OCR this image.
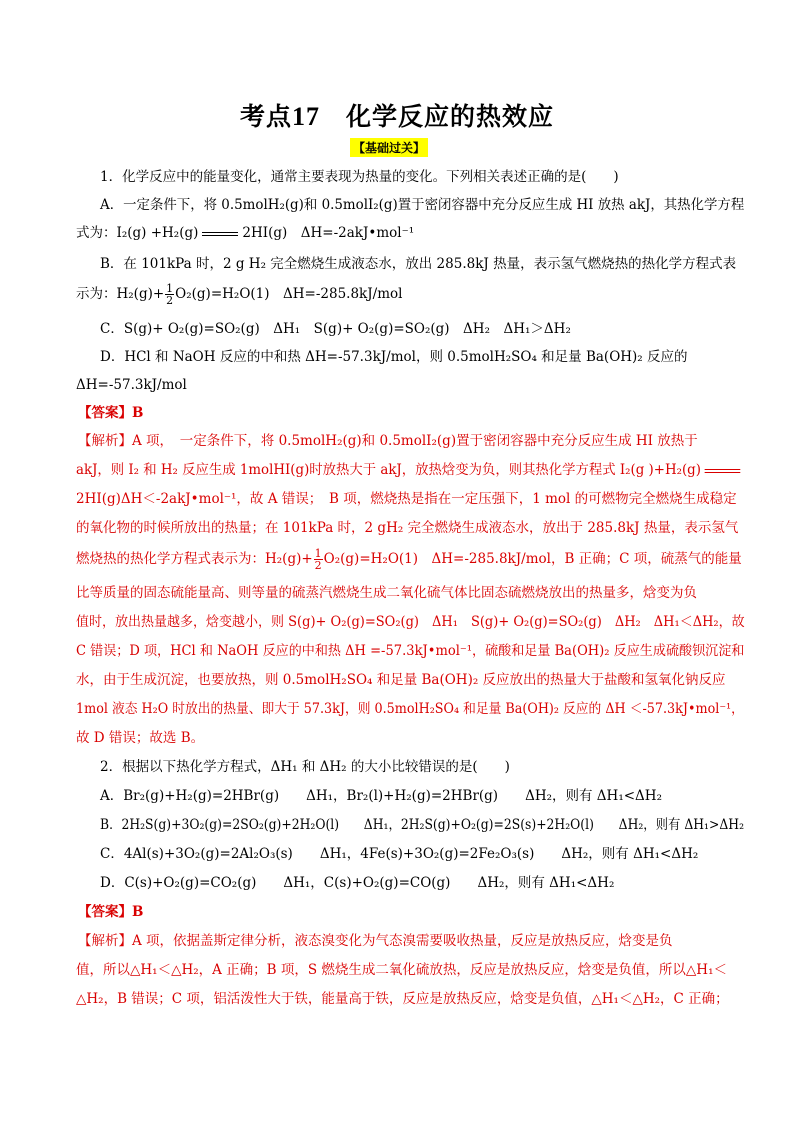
考点17　 化学反应的热效应
【基础过关】
1．化学反应中的能量变化，通常主要表现为热量的变化。下列相关表述正确的是(　　)
A．一定条件下，将 0.5molH₂(g)和 0.5molI₂(g)置于密闭容器中充分反应生成 HI 放热 akJ，其热化学方程
式为：I₂(g) +H₂(g)	2HI(g)　ΔH=-2akJ•mol⁻¹
B．在 101kPa 时，2 g H₂ 完全燃烧生成液态水，放出 285.8kJ 热量，表示氢气燃烧热的热化学方程式表
示为：$H_2(g)+ \frac{1}{2} O_2(g)=H_2O(1)$　ΔH=-285.8kJ/mol
C．S(g)+ O₂(g)=SO₂(g)　ΔH₁　S(g)+ O₂(g)=SO₂(g)　ΔH₂　ΔH₁＞ΔH₂
D．HCl 和 NaOH 反应的中和热 ΔH=-57.3kJ/mol，则 0.5molH₂SO₄ 和足量 Ba(OH)₂ 反应的
ΔH=-57.3kJ/mol
【答案】B
【解析】A 项，　一定条件下，将 0.5molH₂(g)和 0.5molI₂(g)置于密闭容器中充分反应生成 HI 放热于
akJ，则 I₂ 和 H₂ 反应生成 1molHI(g)时放热大于 akJ，放热焓变为负，则其热化学方程式 I₂(g )+H₂(g)
2HI(g)ΔH＜-2akJ•mol⁻¹，故 A 错误；　B 项，燃烧热是指在一定压强下，1 mol 的可燃物完全燃烧生成稳定
的氧化物的时候所放出的热量；在 101kPa 时，2 gH₂ 完全燃烧生成液态水，放出于 285.8kJ 热量，表示氢气
燃烧热的热化学方程式表示为：$H_2(g)+ \frac{1}{2} O_2(g)=H_2O(1)$　ΔH=-285.8kJ/mol，B 正确；C 项，硫蒸气的能量
比等质量的固态硫能量高、则等量的硫蒸汽燃烧生成二氧化硫气体比固态硫燃烧放出的热量多，焓变为负
值时，放出热量越多，焓变越小，则 S(g)+ O₂(g)=SO₂(g)　ΔH₁　S(g)+ O₂(g)=SO₂(g)　ΔH₂　ΔH₁＜ΔH₂，故
C 错误；D 项，HCl 和 NaOH 反应的中和热 ΔH =-57.3kJ•mol⁻¹，硫酸和足量 Ba(OH)₂ 反应生成硫酸钡沉淀和
水，由于生成沉淀，也要放热，则 0.5molH₂SO₄ 和足量 Ba(OH)₂ 反应放出的热量大于盐酸和氢氧化钠反应
1mol 液态 H₂O 时放出的热量、即大于 57.3kJ，则 0.5molH₂SO₄ 和足量 Ba(OH)₂ 反应的 ΔH ＜-57.3kJ•mol⁻¹，
故 D 错误；故选 B。
2．根据以下热化学方程式，ΔH₁ 和 ΔH₂ 的大小比较错误的是(　　)
A．Br₂(g)+H₂(g)=2HBr(g)　　ΔH₁，Br₂(l)+H₂(g)=2HBr(g)　　ΔH₂，则有 ΔH₁<ΔH₂
B．2H₂S(g)+3O₂(g)=2SO₂(g)+2H₂O(l)　　ΔH₁，2H₂S(g)+O₂(g)=2S(s)+2H₂O(l)　　ΔH₂，则有 ΔH₁>ΔH₂
C．4Al(s)+3O₂(g)=2Al₂O₃(s)　　ΔH₁，4Fe(s)+3O₂(g)=2Fe₂O₃(s)　　ΔH₂，则有 ΔH₁<ΔH₂
D．C(s)+O₂(g)=CO₂(g)　　ΔH₁，C(s)+O₂(g)=CO(g)　　ΔH₂，则有 ΔH₁<ΔH₂
【答案】B
【解析】A 项，依据盖斯定律分析，液态溴变化为气态溴需要吸收热量，反应是放热反应，焓变是负
值，所以△H₁＜△H₂，A 正确；B 项，S 燃烧生成二氧化硫放热，反应是放热反应，焓变是负值，所以△H₁＜
△H₂，B 错误；C 项，铝活泼性大于铁，能量高于铁，反应是放热反应，焓变是负值，△H₁＜△H₂，C 正确；
